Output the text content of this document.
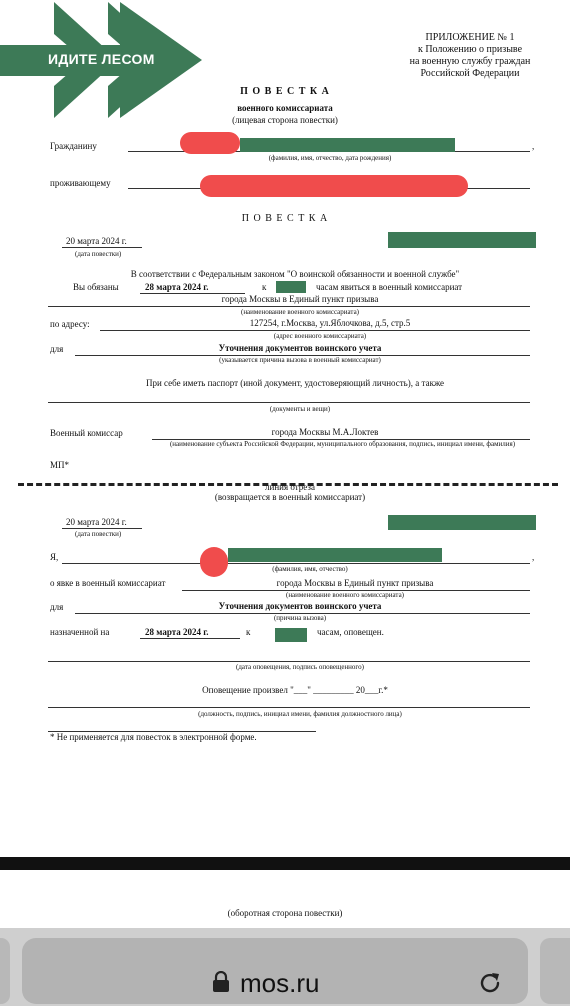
ИДИТЕ ЛЕСОМ
ПРИЛОЖЕНИЕ № 1
к Положению о призыве
на военную службу граждан
Российской Федерации
П О В Е С Т К А
военного комиссариата
(лицевая сторона повестки)
Гражданину	,
(фамилия, имя, отчество, дата рождения)
проживающему
П О В Е С Т К А
20 марта 2024 г.
(дата повестки)
В соответствии с Федеральным законом "О воинской обязанности и военной службе"
Вы обязаны	28 марта 2024 г.	к	часам явиться в военный комиссариат
города Москвы в Единый пункт призыва
(наименование военного комиссариата)
по адресу:	127254, г.Москва, ул.Яблочкова, д.5, стр.5
(адрес военного комиссариата)
для	Уточнения документов воинского учета
(указывается причина вызова в военный комиссариат)
При себе иметь паспорт (иной документ, удостоверяющий личность), а также
(документы и вещи)
Военный комиссар	города Москвы М.А.Локтев
(наименование субъекта Российской Федерации, муниципального образования, подпись, инициал имени, фамилия)
МП*
линия отреза
(возвращается в военный комиссариат)
20 марта 2024 г.
(дата повестки)
Я,	,
(фамилия, имя, отчество)
о явке в военный комиссариат	города Москвы в Единый пункт призыва
(наименование военного комиссариата)
для	Уточнения документов воинского учета
(причина вызова)
назначенной на	28 марта 2024 г.	к	часам, оповещен.
(дата оповещения, подпись оповещенного)
Оповещение произвел "___" _________ 20___г.*
(должность, подпись, инициал имени, фамилия должностного лица)
* Не применяется для повесток в электронной форме.
(оборотная сторона повестки)
mos.ru
